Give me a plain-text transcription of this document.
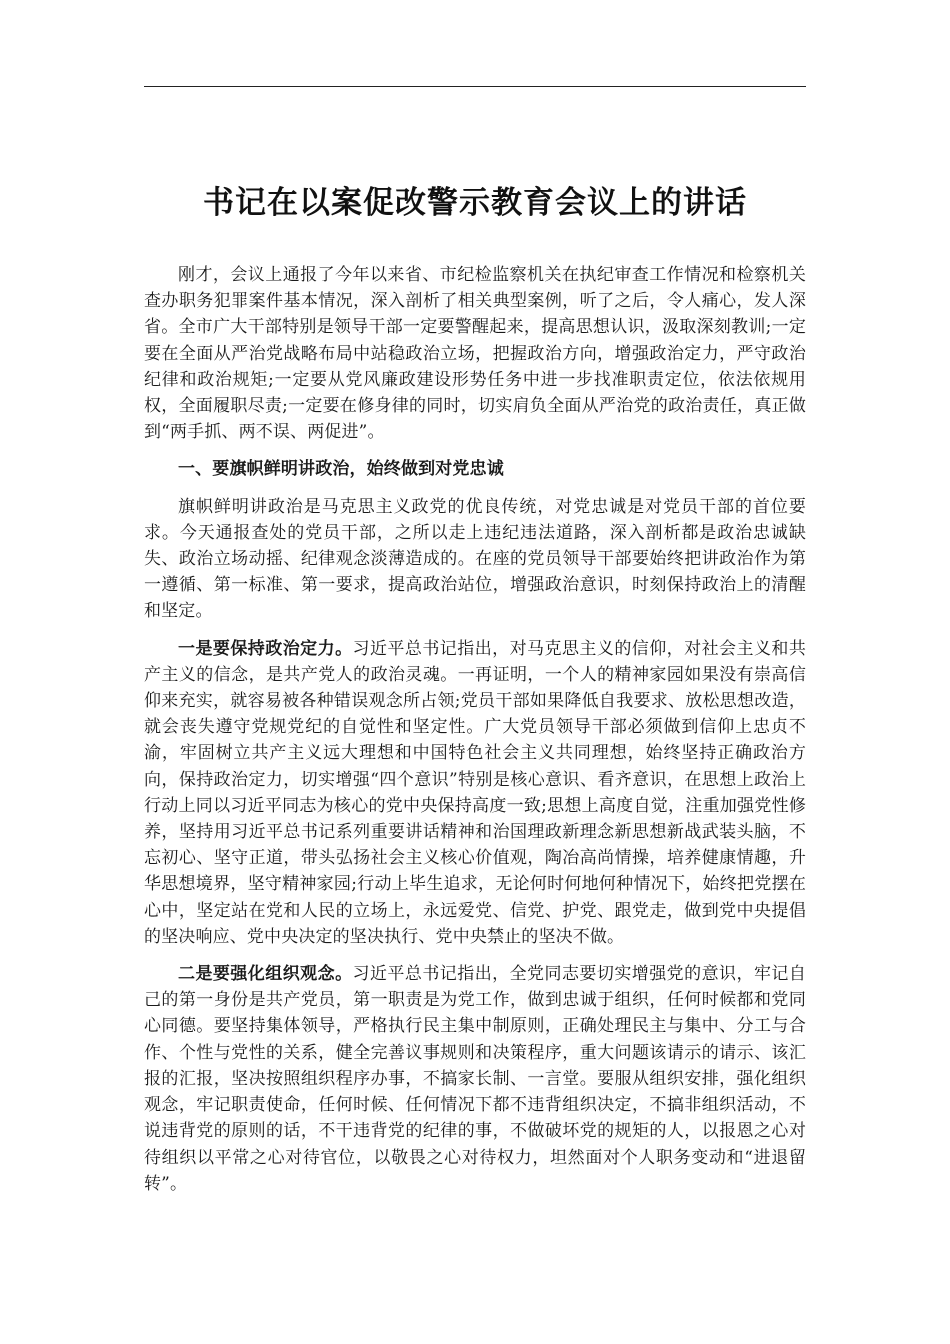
书记在以案促改警示教育会议上的讲话

刚才，会议上通报了今年以来省、市纪检监察机关在执纪审查工作情况和检察机关查办职务犯罪案件基本情况，深入剖析了相关典型案例，听了之后，令人痛心，发人深省。全市广大干部特别是领导干部一定要警醒起来，提高思想认识，汲取深刻教训;一定要在全面从严治党战略布局中站稳政治立场，把握政治方向，增强政治定力，严守政治纪律和政治规矩;一定要从党风廉政建设形势任务中进一步找准职责定位，依法依规用权，全面履职尽责;一定要在修身律的同时，切实肩负全面从严治党的政治责任，真正做到“两手抓、两不误、两促进”。

一、要旗帜鲜明讲政治，始终做到对党忠诚

旗帜鲜明讲政治是马克思主义政党的优良传统，对党忠诚是对党员干部的首位要求。今天通报查处的党员干部，之所以走上违纪违法道路，深入剖析都是政治忠诚缺失、政治立场动摇、纪律观念淡薄造成的。在座的党员领导干部要始终把讲政治作为第一遵循、第一标准、第一要求，提高政治站位，增强政治意识，时刻保持政治上的清醒和坚定。

一是要保持政治定力。习近平总书记指出，对马克思主义的信仰，对社会主义和共产主义的信念，是共产党人的政治灵魂。一再证明，一个人的精神家园如果没有崇高信仰来充实，就容易被各种错误观念所占领;党员干部如果降低自我要求、放松思想改造，就会丧失遵守党规党纪的自觉性和坚定性。广大党员领导干部必须做到信仰上忠贞不渝，牢固树立共产主义远大理想和中国特色社会主义共同理想，始终坚持正确政治方向，保持政治定力，切实增强“四个意识”特别是核心意识、看齐意识，在思想上政治上行动上同以习近平同志为核心的党中央保持高度一致;思想上高度自觉，注重加强党性修养，坚持用习近平总书记系列重要讲话精神和治国理政新理念新思想新战武装头脑，不忘初心、坚守正道，带头弘扬社会主义核心价值观，陶冶高尚情操，培养健康情趣，升华思想境界，坚守精神家园;行动上毕生追求，无论何时何地何种情况下，始终把党摆在心中，坚定站在党和人民的立场上，永远爱党、信党、护党、跟党走，做到党中央提倡的坚决响应、党中央决定的坚决执行、党中央禁止的坚决不做。

二是要强化组织观念。习近平总书记指出，全党同志要切实增强党的意识，牢记自己的第一身份是共产党员，第一职责是为党工作，做到忠诚于组织，任何时候都和党同心同德。要坚持集体领导，严格执行民主集中制原则，正确处理民主与集中、分工与合作、个性与党性的关系，健全完善议事规则和决策程序，重大问题该请示的请示、该汇报的汇报，坚决按照组织程序办事，不搞家长制、一言堂。要服从组织安排，强化组织观念，牢记职责使命，任何时候、任何情况下都不违背组织决定，不搞非组织活动，不说违背党的原则的话，不干违背党的纪律的事，不做破坏党的规矩的人，以报恩之心对待组织以平常之心对待官位，以敬畏之心对待权力，坦然面对个人职务变动和“进退留转”。
